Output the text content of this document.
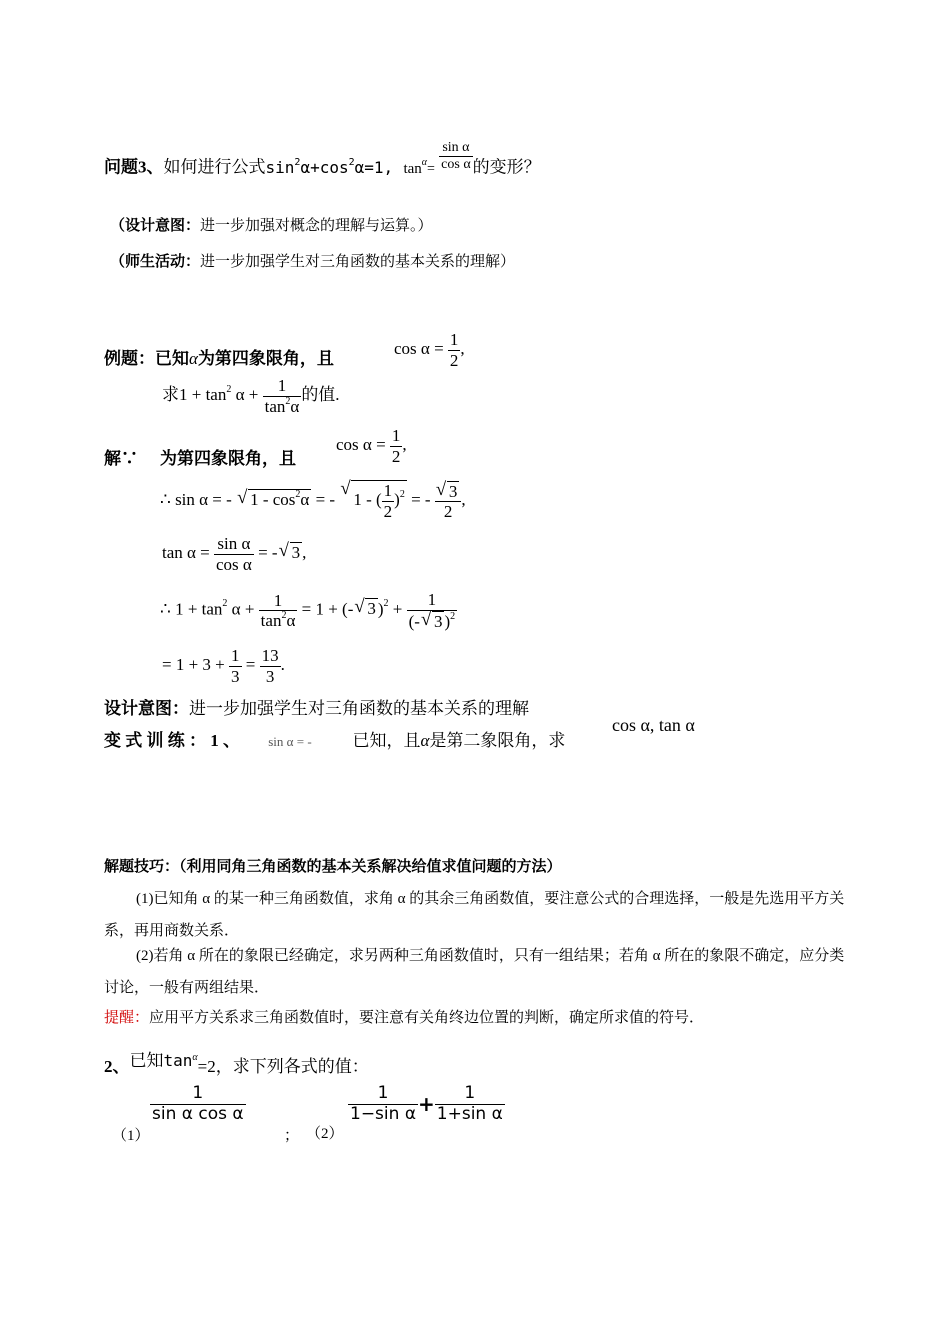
问题3、如何进行公式$\sin^2\alpha+\cos^2\alpha=1$, $\tan^\alpha= \frac{\text{sin α}}{\text{cos α}}$ 的变形？
（设计意图：进一步加强对概念的理解与运算。）
（师生活动：进一步加强学生对三角函数的基本关系的理解）
例题：已知α为第四象限角，且
$\cos \alpha = \frac{1}{2}$ ,
求$1 + \tan^2 \alpha + \frac{1}{\tan^2\alpha}$ 的值.
解∵ 为第四象限角，且
$\cos \alpha = \frac{1}{2}$ ,
∴ sin α = - √ $1 - \cos^2\alpha$ = - √ 1 - ( $\frac{1}{2} )^2$ = - √ $\frac{3}{2}$ ,
$\tan \alpha = \frac{\text{sin α}}{\text{cos α}}$ = - √ 3 ,
∴ $1 + \tan^2 \alpha + \frac{1}{\tan^2\alpha} = 1$ + (- √ 3 )$^2 + \frac{1}{(- √ 3 )^2}$
= $1 + 3 + \frac{1}{3} = \frac{13}{3}$ .
设计意图：进一步加强学生对三角函数的基本关系的理解
变 式 训 练 ： 1 、 sin α = - 已知，且α是第二象限角，求
cos α, tan α
解题技巧：（利用同角三角函数的基本关系解决给值求值问题的方法）
(1)已知角 α 的某一种三角函数值，求角 α 的其余三角函数值，要注意公式的合理选择，一般是先选用平方关系，再用商数关系．
(2)若角 α 所在的象限已经确定，求另两种三角函数值时，只有一组结果；若角 α 所在的象限不确定，应分类讨论，一般有两组结果．
提醒：应用平方关系求三角函数值时，要注意有关角终边位置的判断，确定所求值的符号．
2、已知$\tan^\alpha=2$，求下列各式的值：
（1）
$\frac{1}{\text{sin α cos α}}$
； （2）
$\frac{1}{\text{1−sin α}} + \frac{1}{\text{1+sin α}}$
